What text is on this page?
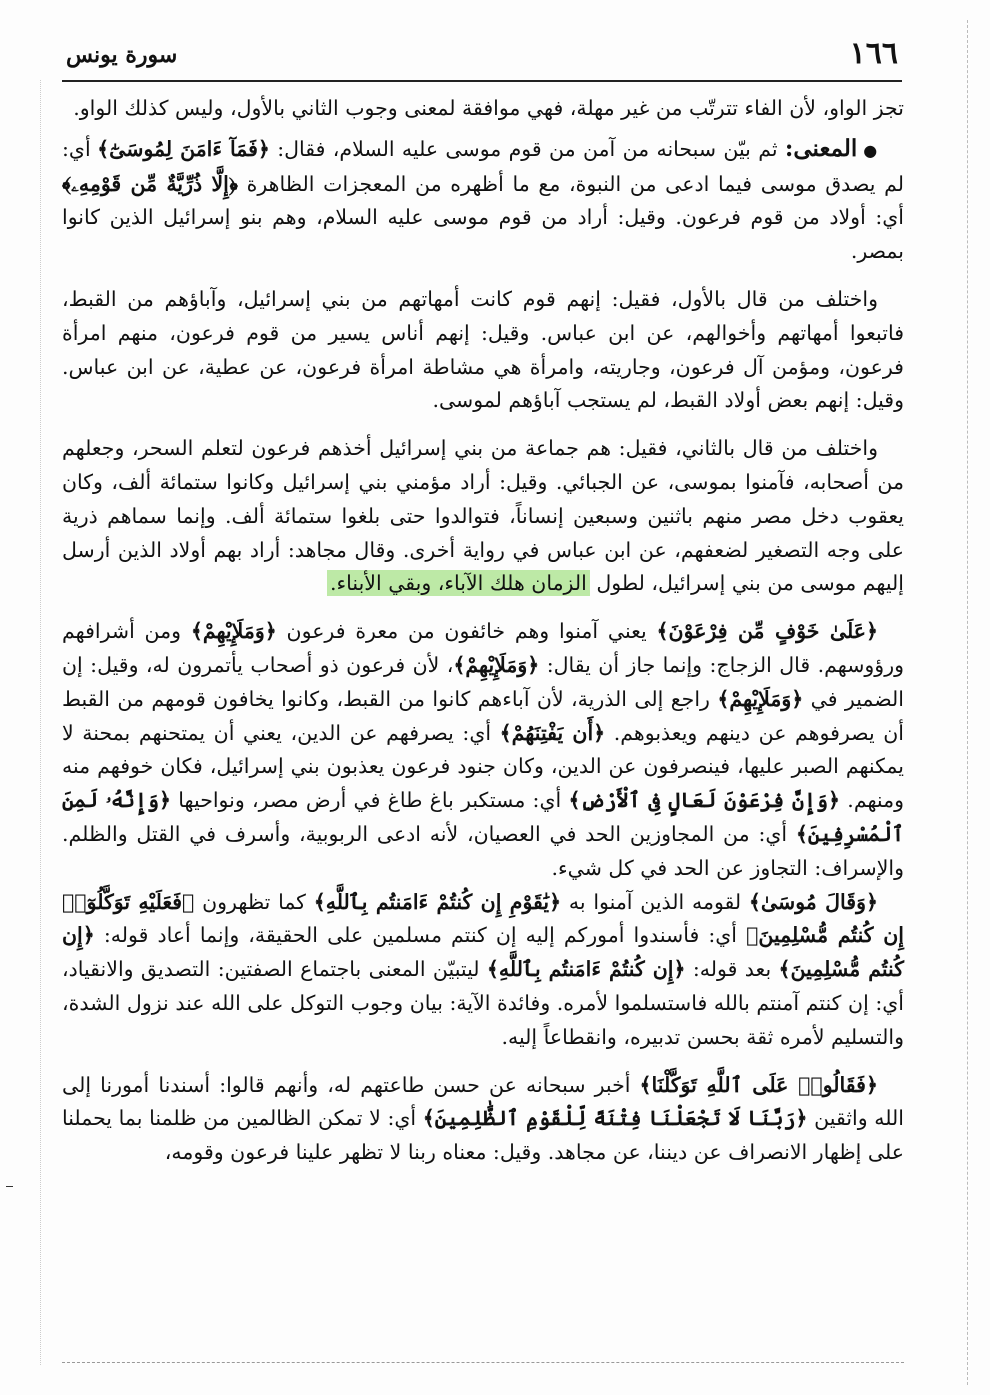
١٦٦
سورة يونس

تجز الواو، لأن الفاء تترتّب من غير مهلة، فهي موافقة لمعنى وجوب الثاني بالأول، وليس كذلك الواو.

● المعنى: ثم بيّن سبحانه من آمن من قوم موسى عليه السلام، فقال: ﴿فَمَآ ءَامَنَ لِمُوسَىٰٓ﴾ أي: لم يصدق موسى فيما ادعى من النبوة، مع ما أظهره من المعجزات الظاهرة ﴿إِلَّا ذُرِّيَّةٌ مِّن قَوْمِهِۦ﴾ أي: أولاد من قوم فرعون. وقيل: أراد من قوم موسى عليه السلام، وهم بنو إسرائيل الذين كانوا بمصر.

واختلف من قال بالأول، فقيل: إنهم قوم كانت أمهاتهم من بني إسرائيل، وآباؤهم من القبط، فاتبعوا أمهاتهم وأخوالهم، عن ابن عباس. وقيل: إنهم أناس يسير من قوم فرعون، منهم امرأة فرعون، ومؤمن آل فرعون، وجاريته، وامرأة هي مشاطة امرأة فرعون، عن عطية، عن ابن عباس. وقيل: إنهم بعض أولاد القبط، لم يستجب آباؤهم لموسى.

واختلف من قال بالثاني، فقيل: هم جماعة من بني إسرائيل أخذهم فرعون لتعلم السحر، وجعلهم من أصحابه، فآمنوا بموسى، عن الجبائي. وقيل: أراد مؤمني بني إسرائيل وكانوا ستمائة ألف، وكان يعقوب دخل مصر منهم باثنين وسبعين إنساناً، فتوالدوا حتى بلغوا ستمائة ألف. وإنما سماهم ذرية على وجه التصغير لضعفهم، عن ابن عباس في رواية أخرى. وقال مجاهد: أراد بهم أولاد الذين أرسل إليهم موسى من بني إسرائيل، لطول الزمان هلك الآباء، وبقي الأبناء.

﴿عَلَىٰ خَوْفٍ مِّن فِرْعَوْنَ﴾ يعني آمنوا وهم خائفون من معرة فرعون ﴿وَمَلَإِيْهِمْ﴾ ومن أشرافهم ورؤوسهم. قال الزجاج: وإنما جاز أن يقال: ﴿وَمَلَإِيْهِمْ﴾، لأن فرعون ذو أصحاب يأتمرون له، وقيل: إن الضمير في ﴿وَمَلَإِيْهِمْ﴾ راجع إلى الذرية، لأن آباءهم كانوا من القبط، وكانوا يخافون قومهم من القبط أن يصرفوهم عن دينهم ويعذبوهم. ﴿أَن يَفْتِنَهُمْ﴾ أي: يصرفهم عن الدين، يعني أن يمتحنهم بمحنة لا يمكنهم الصبر عليها، فينصرفون عن الدين، وكان جنود فرعون يعذبون بني إسرائيل، فكان خوفهم منه ومنهم. ﴿وَإِنَّ فِرْعَوْنَ لَعَالٍ فِى ٱلْأَرْضِ﴾ أي: مستكبر باغ طاغ في أرض مصر، ونواحيها ﴿وَإِنَّهُۥ لَمِنَ ٱلْمُسْرِفِينَ﴾ أي: من المجاوزين الحد في العصيان، لأنه ادعى الربوبية، وأسرف في القتل والظلم. والإسراف: التجاوز عن الحد في كل شيء.

﴿وَقَالَ مُوسَىٰ﴾ لقومه الذين آمنوا به ﴿يَٰقَوْمِ إِن كُنتُمْ ءَامَنتُم بِٱللَّهِ﴾ كما تظهرون ﴿فَعَلَيْهِ تَوَكَّلُوٓا۟ إِن كُنتُم مُّسْلِمِينَ﴾ أي: فأسندوا أموركم إليه إن كنتم مسلمين على الحقيقة، وإنما أعاد قوله: ﴿إِن كُنتُم مُّسْلِمِينَ﴾ بعد قوله: ﴿إِن كُنتُمْ ءَامَنتُم بِٱللَّهِ﴾ ليتبيّن المعنى باجتماع الصفتين: التصديق والانقياد، أي: إن كنتم آمنتم بالله فاستسلموا لأمره. وفائدة الآية: بيان وجوب التوكل على الله عند نزول الشدة، والتسليم لأمره ثقة بحسن تدبيره، وانقطاعاً إليه.

﴿فَقَالُوا۟ عَلَى ٱللَّهِ تَوَكَّلْنَا﴾ أخبر سبحانه عن حسن طاعتهم له، وأنهم قالوا: أسندنا أمورنا إلى الله واثقين ﴿رَبَّنَا لَا تَجْعَلْنَا فِتْنَةً لِّلْقَوْمِ ٱلظَّٰلِمِينَ﴾ أي: لا تمكن الظالمين من ظلمنا بما يحملنا على إظهار الانصراف عن ديننا، عن مجاهد. وقيل: معناه ربنا لا تظهر علينا فرعون وقومه،
